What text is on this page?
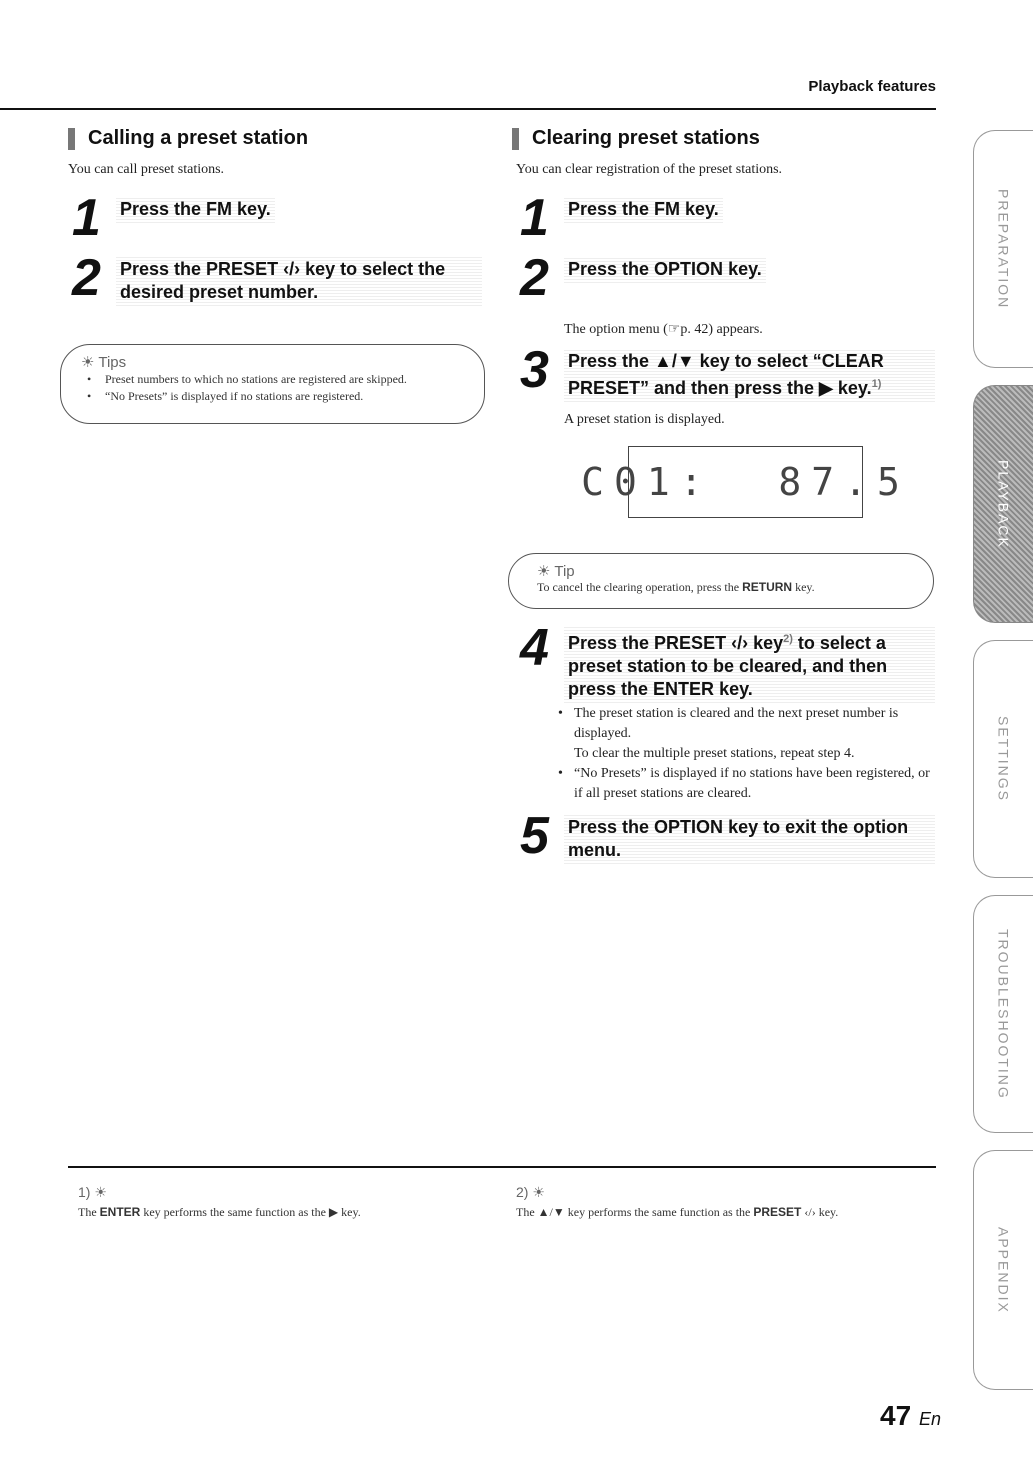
Playback features
Calling a preset station
You can call preset stations.
1	Press the FM key.
2	Press the PRESET ‹/› key to select the desired preset number.
☀ Tips
• Preset numbers to which no stations are registered are skipped.
• “No Presets” is displayed if no stations are registered.
Clearing preset stations
You can clear registration of the preset stations.
1	Press the FM key.
2	Press the OPTION key.
The option menu (☞p. 42) appears.
3	Press the ▲/▼ key to select “CLEAR PRESET” and then press the ▶ key.$^{1)}$
A preset station is displayed.
C01:  87.5
☀ Tip
To cancel the clearing operation, press the RETURN key.
4	Press the PRESET ‹/› key$^{2)}$ to select a preset station to be cleared, and then press the ENTER key.
• The preset station is cleared and the next preset number is displayed.
To clear the multiple preset stations, repeat step 4.
• “No Presets” is displayed if no stations have been registered, or if all preset stations are cleared.
5	Press the OPTION key to exit the option menu.
PREPARATION
PLAYBACK
SETTINGS
TROUBLESHOOTING
APPENDIX
1) ☀
The ENTER key performs the same function as the ▶ key.
2) ☀
The ▲/▼ key performs the same function as the PRESET ‹/› key.
47 En
